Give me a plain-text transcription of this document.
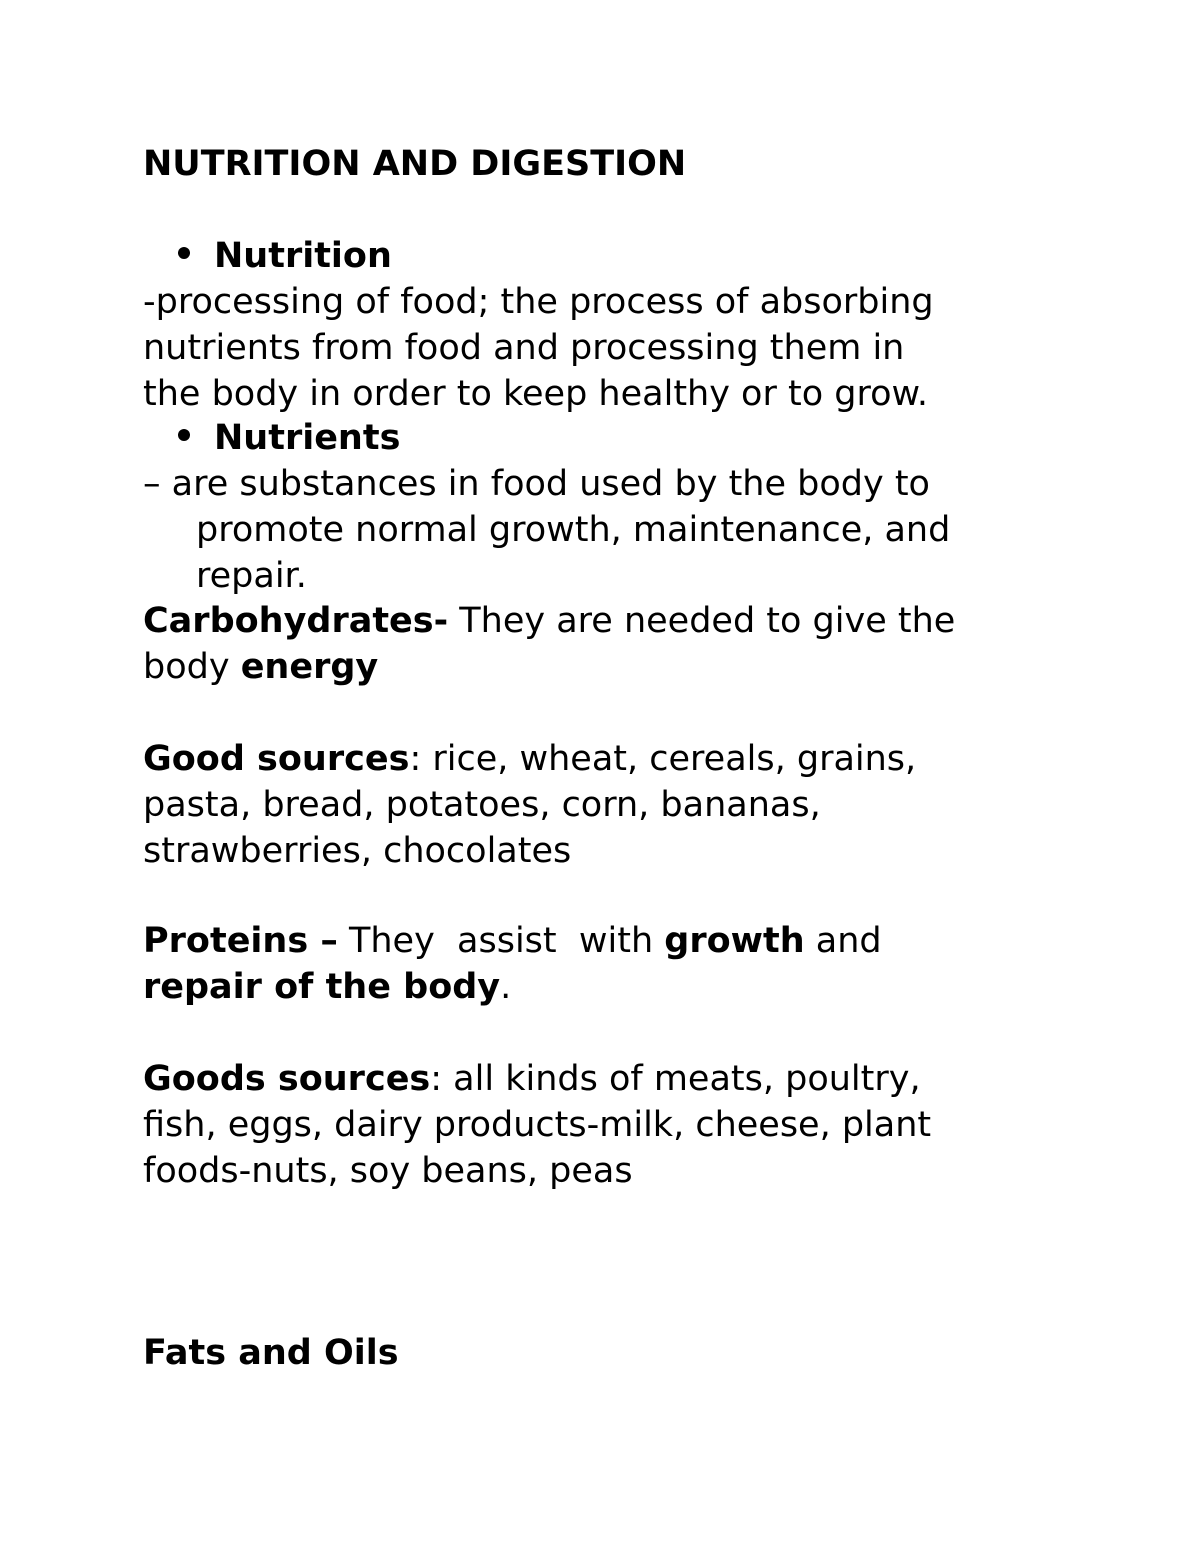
NUTRITION AND DIGESTION

Nutrition

-processing of food; the process of absorbing

nutrients from food and processing them in

the body in order to keep healthy or to grow.

Nutrients

– are substances in food used by the body to

promote normal growth, maintenance, and

repair.

Carbohydrates- They are needed to give the

body energy

Good sources: rice, wheat, cereals, grains,

pasta, bread, potatoes, corn, bananas,

strawberries, chocolates

Proteins – They  assist  with growth and

repair of the body.

Goods sources: all kinds of meats, poultry,

fish, eggs, dairy products-milk, cheese, plant

foods-nuts, soy beans, peas

Fats and Oils
